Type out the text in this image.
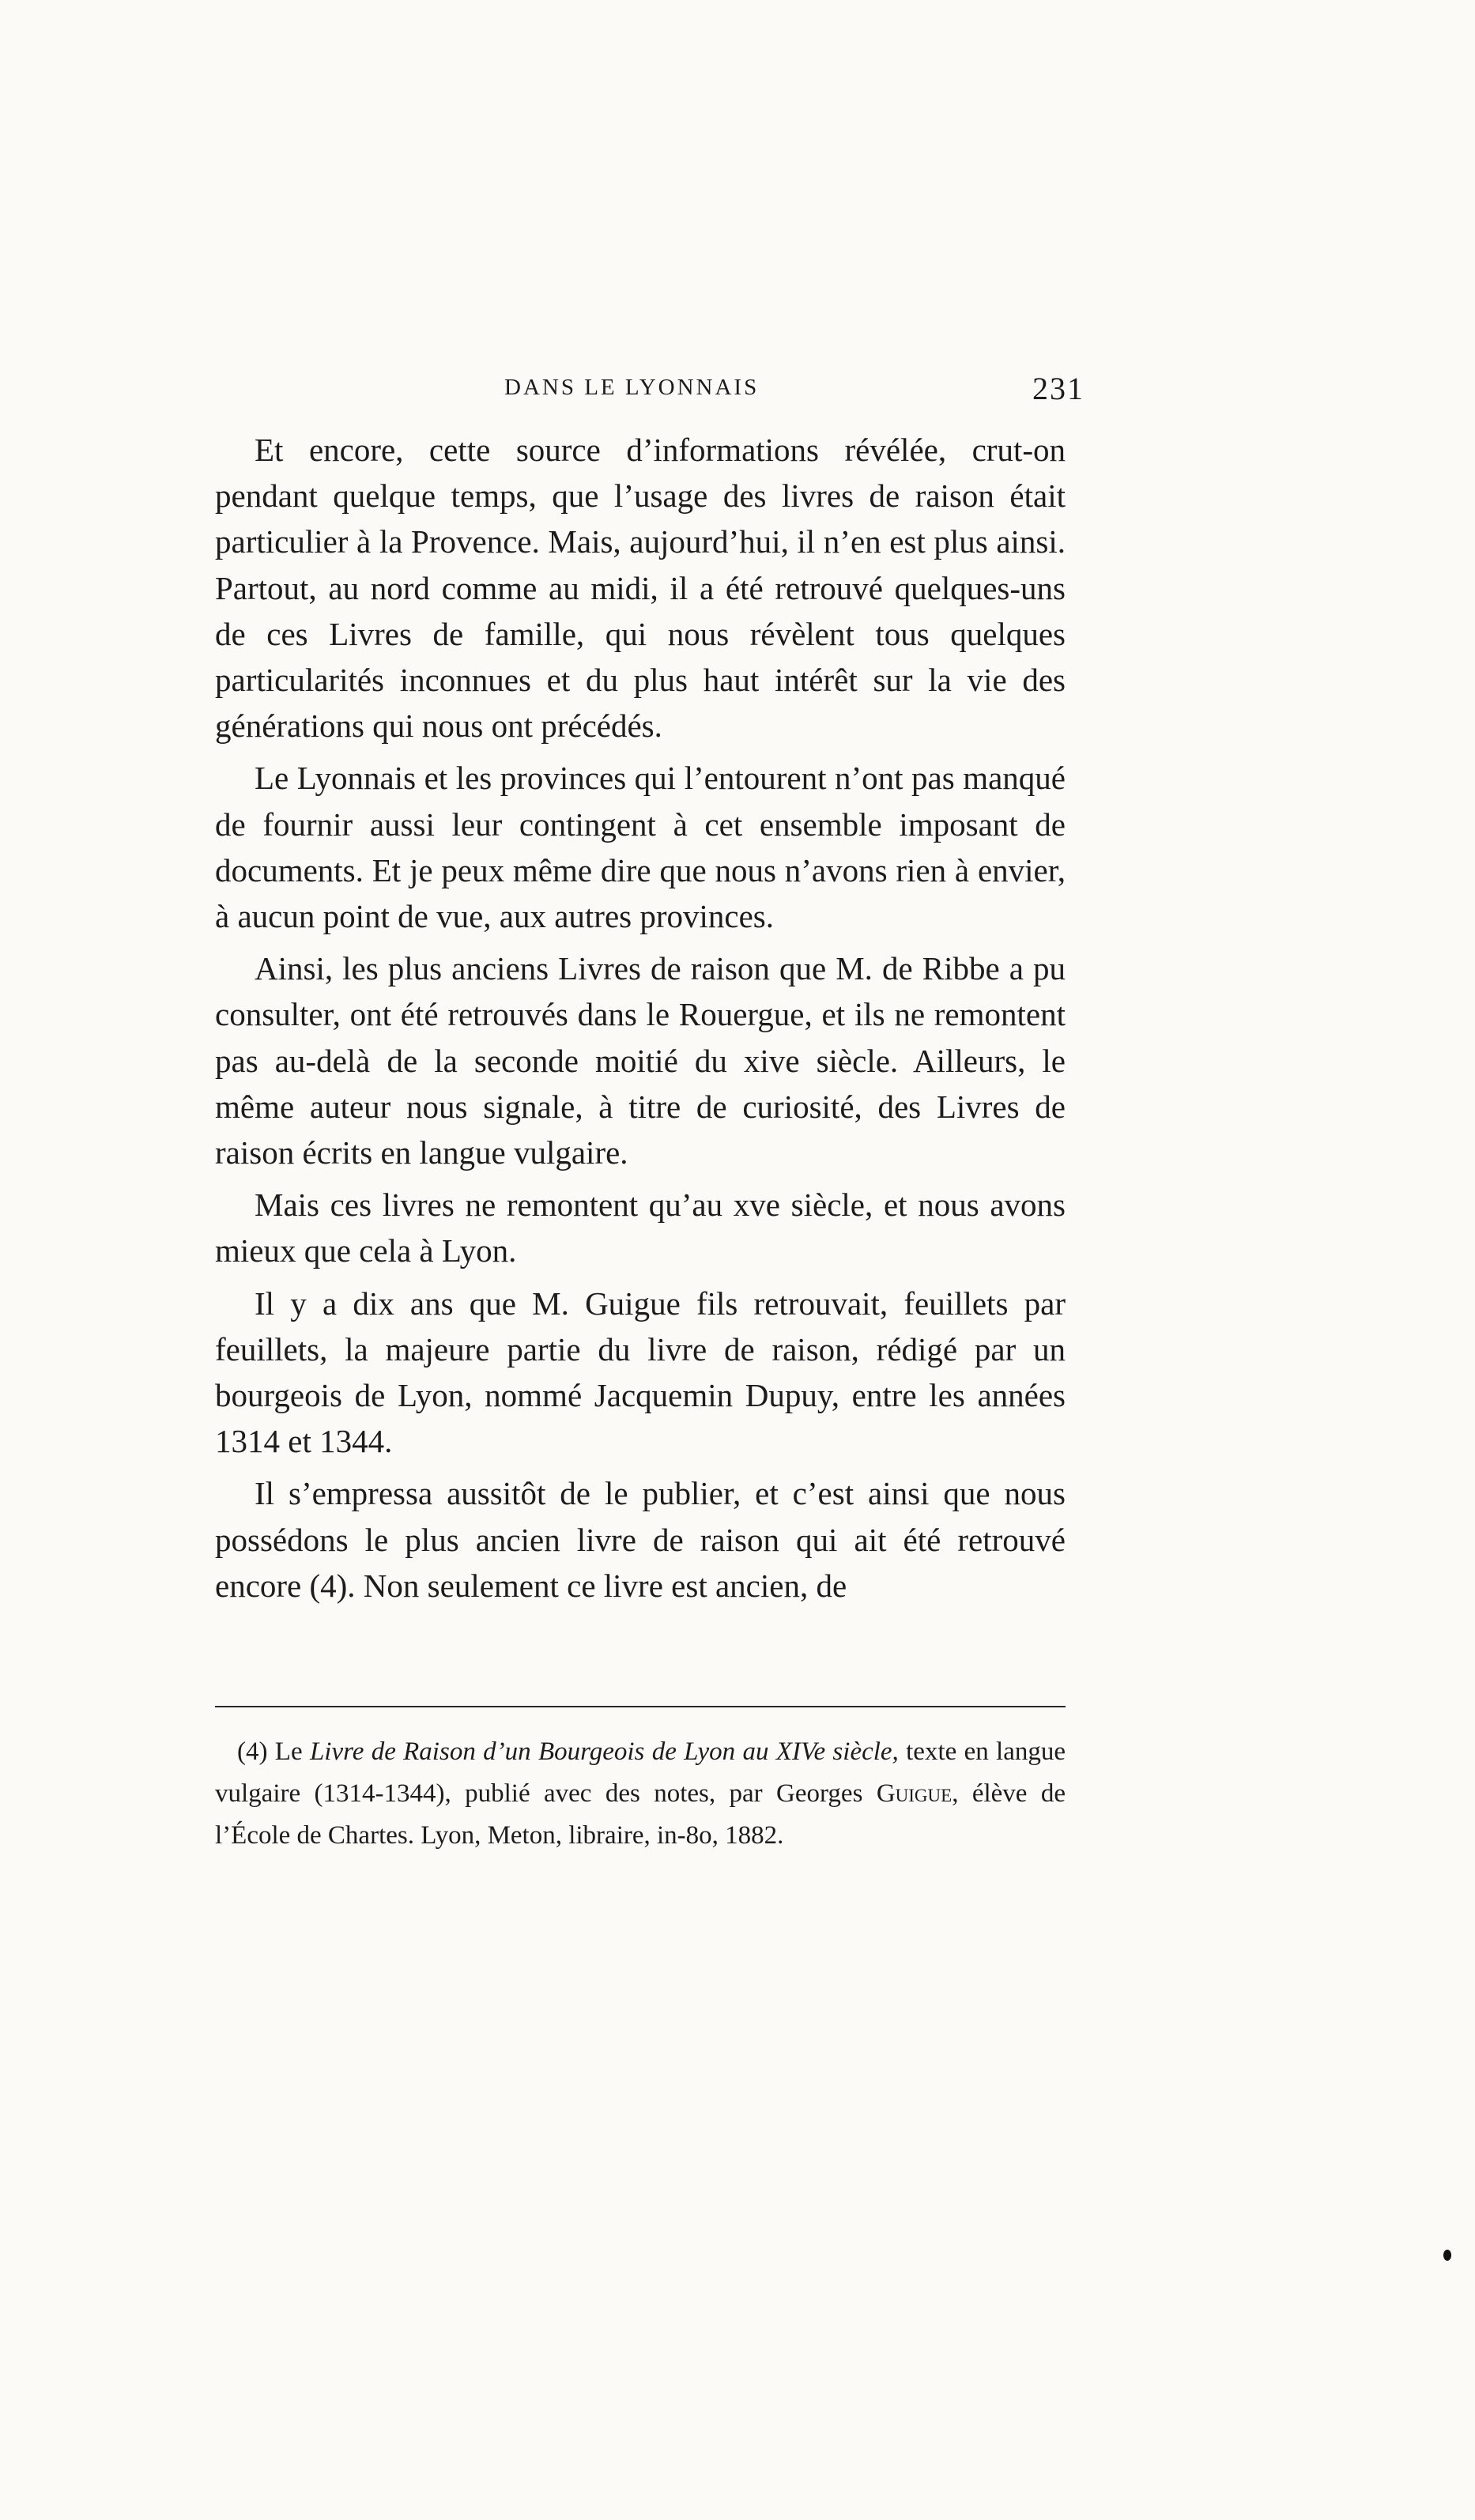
DANS LE LYONNAIS	231

Et encore, cette source d’informations révélée, crut-on pendant quelque temps, que l’usage des livres de raison était particulier à la Provence. Mais, aujourd’hui, il n’en est plus ainsi. Partout, au nord comme au midi, il a été retrouvé quelques-uns de ces Livres de famille, qui nous révèlent tous quelques particularités inconnues et du plus haut intérêt sur la vie des générations qui nous ont précédés.

Le Lyonnais et les provinces qui l’entourent n’ont pas manqué de fournir aussi leur contingent à cet ensemble imposant de documents. Et je peux même dire que nous n’avons rien à envier, à aucun point de vue, aux autres provinces.

Ainsi, les plus anciens Livres de raison que M. de Ribbe a pu consulter, ont été retrouvés dans le Rouergue, et ils ne remontent pas au-delà de la seconde moitié du xive siècle. Ailleurs, le même auteur nous signale, à titre de curiosité, des Livres de raison écrits en langue vulgaire.

Mais ces livres ne remontent qu’au xve siècle, et nous avons mieux que cela à Lyon.

Il y a dix ans que M. Guigue fils retrouvait, feuillets par feuillets, la majeure partie du livre de raison, rédigé par un bourgeois de Lyon, nommé Jacquemin Dupuy, entre les années 1314 et 1344.

Il s’empressa aussitôt de le publier, et c’est ainsi que nous possédons le plus ancien livre de raison qui ait été retrouvé encore (4). Non seulement ce livre est ancien, de

(4) Le Livre de Raison d’un Bourgeois de Lyon au XIVe siècle, texte en langue vulgaire (1314-1344), publié avec des notes, par Georges Guigue, élève de l’École de Chartes. Lyon, Meton, libraire, in-8o, 1882.
